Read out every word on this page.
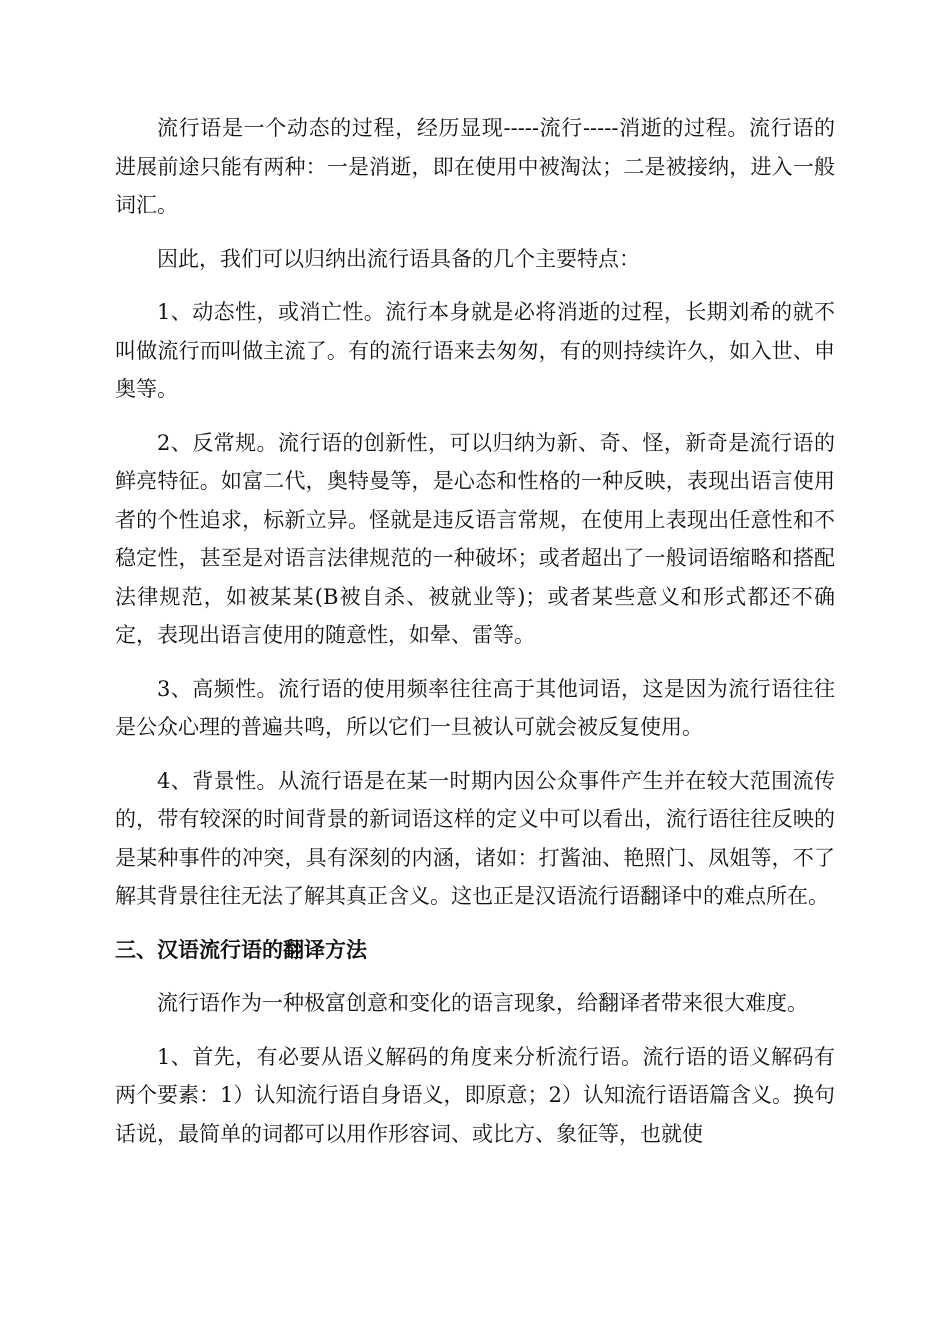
流行语是一个动态的过程，经历显现-----流行-----消逝的过程。流行语的进展前途只能有两种：一是消逝，即在使用中被淘汰；二是被接纳，进入一般词汇。

因此，我们可以归纳出流行语具备的几个主要特点：

1、动态性，或消亡性。流行本身就是必将消逝的过程，长期刘希的就不叫做流行而叫做主流了。有的流行语来去匆匆，有的则持续许久，如入世、申奥等。

2、反常规。流行语的创新性，可以归纳为新、奇、怪，新奇是流行语的鲜亮特征。如富二代，奥特曼等，是心态和性格的一种反映，表现出语言使用者的个性追求，标新立异。怪就是违反语言常规，在使用上表现出任意性和不稳定性，甚至是对语言法律规范的一种破坏；或者超出了一般词语缩略和搭配法律规范，如被某某(B被自杀、被就业等)；或者某些意义和形式都还不确定，表现出语言使用的随意性，如晕、雷等。

3、高频性。流行语的使用频率往往高于其他词语，这是因为流行语往往是公众心理的普遍共鸣，所以它们一旦被认可就会被反复使用。

4、背景性。从流行语是在某一时期内因公众事件产生并在较大范围流传的，带有较深的时间背景的新词语这样的定义中可以看出，流行语往往反映的是某种事件的冲突，具有深刻的内涵，诸如：打酱油、艳照门、凤姐等，不了解其背景往往无法了解其真正含义。这也正是汉语流行语翻译中的难点所在。

三、汉语流行语的翻译方法

流行语作为一种极富创意和变化的语言现象，给翻译者带来很大难度。

1、首先，有必要从语义解码的角度来分析流行语。流行语的语义解码有两个要素：1）认知流行语自身语义，即原意；2）认知流行语语篇含义。换句话说，最简单的词都可以用作形容词、或比方、象征等，也就使
